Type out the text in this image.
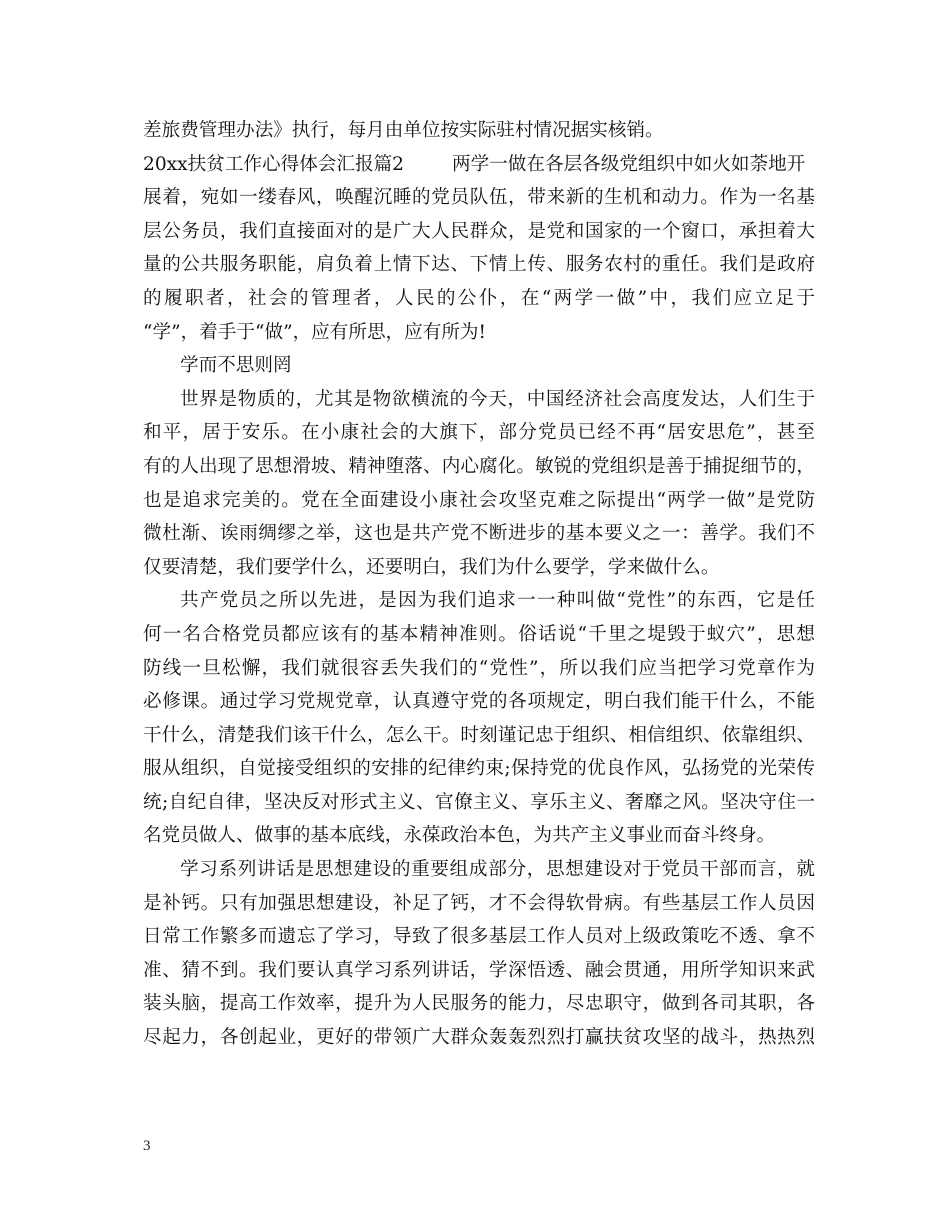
差旅费管理办法》执行，每月由单位按实际驻村情况据实核销。
20xx扶贫工作心得体会汇报篇2	两学一做在各层各级党组织中如火如荼地开
展着，宛如一缕春风，唤醒沉睡的党员队伍，带来新的生机和动力。作为一名基
层公务员，我们直接面对的是广大人民群众，是党和国家的一个窗口，承担着大
量的公共服务职能，肩负着上情下达、下情上传、服务农村的重任。我们是政府
的履职者，社会的管理者，人民的公仆，在“两学一做”中，我们应立足于
“学”，着手于“做”，应有所思，应有所为!
学而不思则罔
世界是物质的，尤其是物欲横流的今天，中国经济社会高度发达，人们生于
和平，居于安乐。在小康社会的大旗下，部分党员已经不再“居安思危”，甚至
有的人出现了思想滑坡、精神堕落、内心腐化。敏锐的党组织是善于捕捉细节的，
也是追求完美的。党在全面建设小康社会攻坚克难之际提出“两学一做”是党防
微杜渐、诶雨绸缪之举，这也是共产党不断进步的基本要义之一：善学。我们不
仅要清楚，我们要学什么，还要明白，我们为什么要学，学来做什么。
共产党员之所以先进，是因为我们追求一一种叫做“党性”的东西，它是任
何一名合格党员都应该有的基本精神准则。俗话说“千里之堤毁于蚁穴”，思想
防线一旦松懈，我们就很容丢失我们的“党性”，所以我们应当把学习党章作为
必修课。通过学习党规党章，认真遵守党的各项规定，明白我们能干什么，不能
干什么，清楚我们该干什么，怎么干。时刻谨记忠于组织、相信组织、依靠组织、
服从组织，自觉接受组织的安排的纪律约束;保持党的优良作风，弘扬党的光荣传
统;自纪自律，坚决反对形式主义、官僚主义、享乐主义、奢靡之风。坚决守住一
名党员做人、做事的基本底线，永葆政治本色，为共产主义事业而奋斗终身。
学习系列讲话是思想建设的重要组成部分，思想建设对于党员干部而言，就
是补钙。只有加强思想建设，补足了钙，才不会得软骨病。有些基层工作人员因
日常工作繁多而遗忘了学习，导致了很多基层工作人员对上级政策吃不透、拿不
准、猜不到。我们要认真学习系列讲话，学深悟透、融会贯通，用所学知识来武
装头脑，提高工作效率，提升为人民服务的能力，尽忠职守，做到各司其职，各
尽起力，各创起业，更好的带领广大群众轰轰烈烈打赢扶贫攻坚的战斗，热热烈
3
